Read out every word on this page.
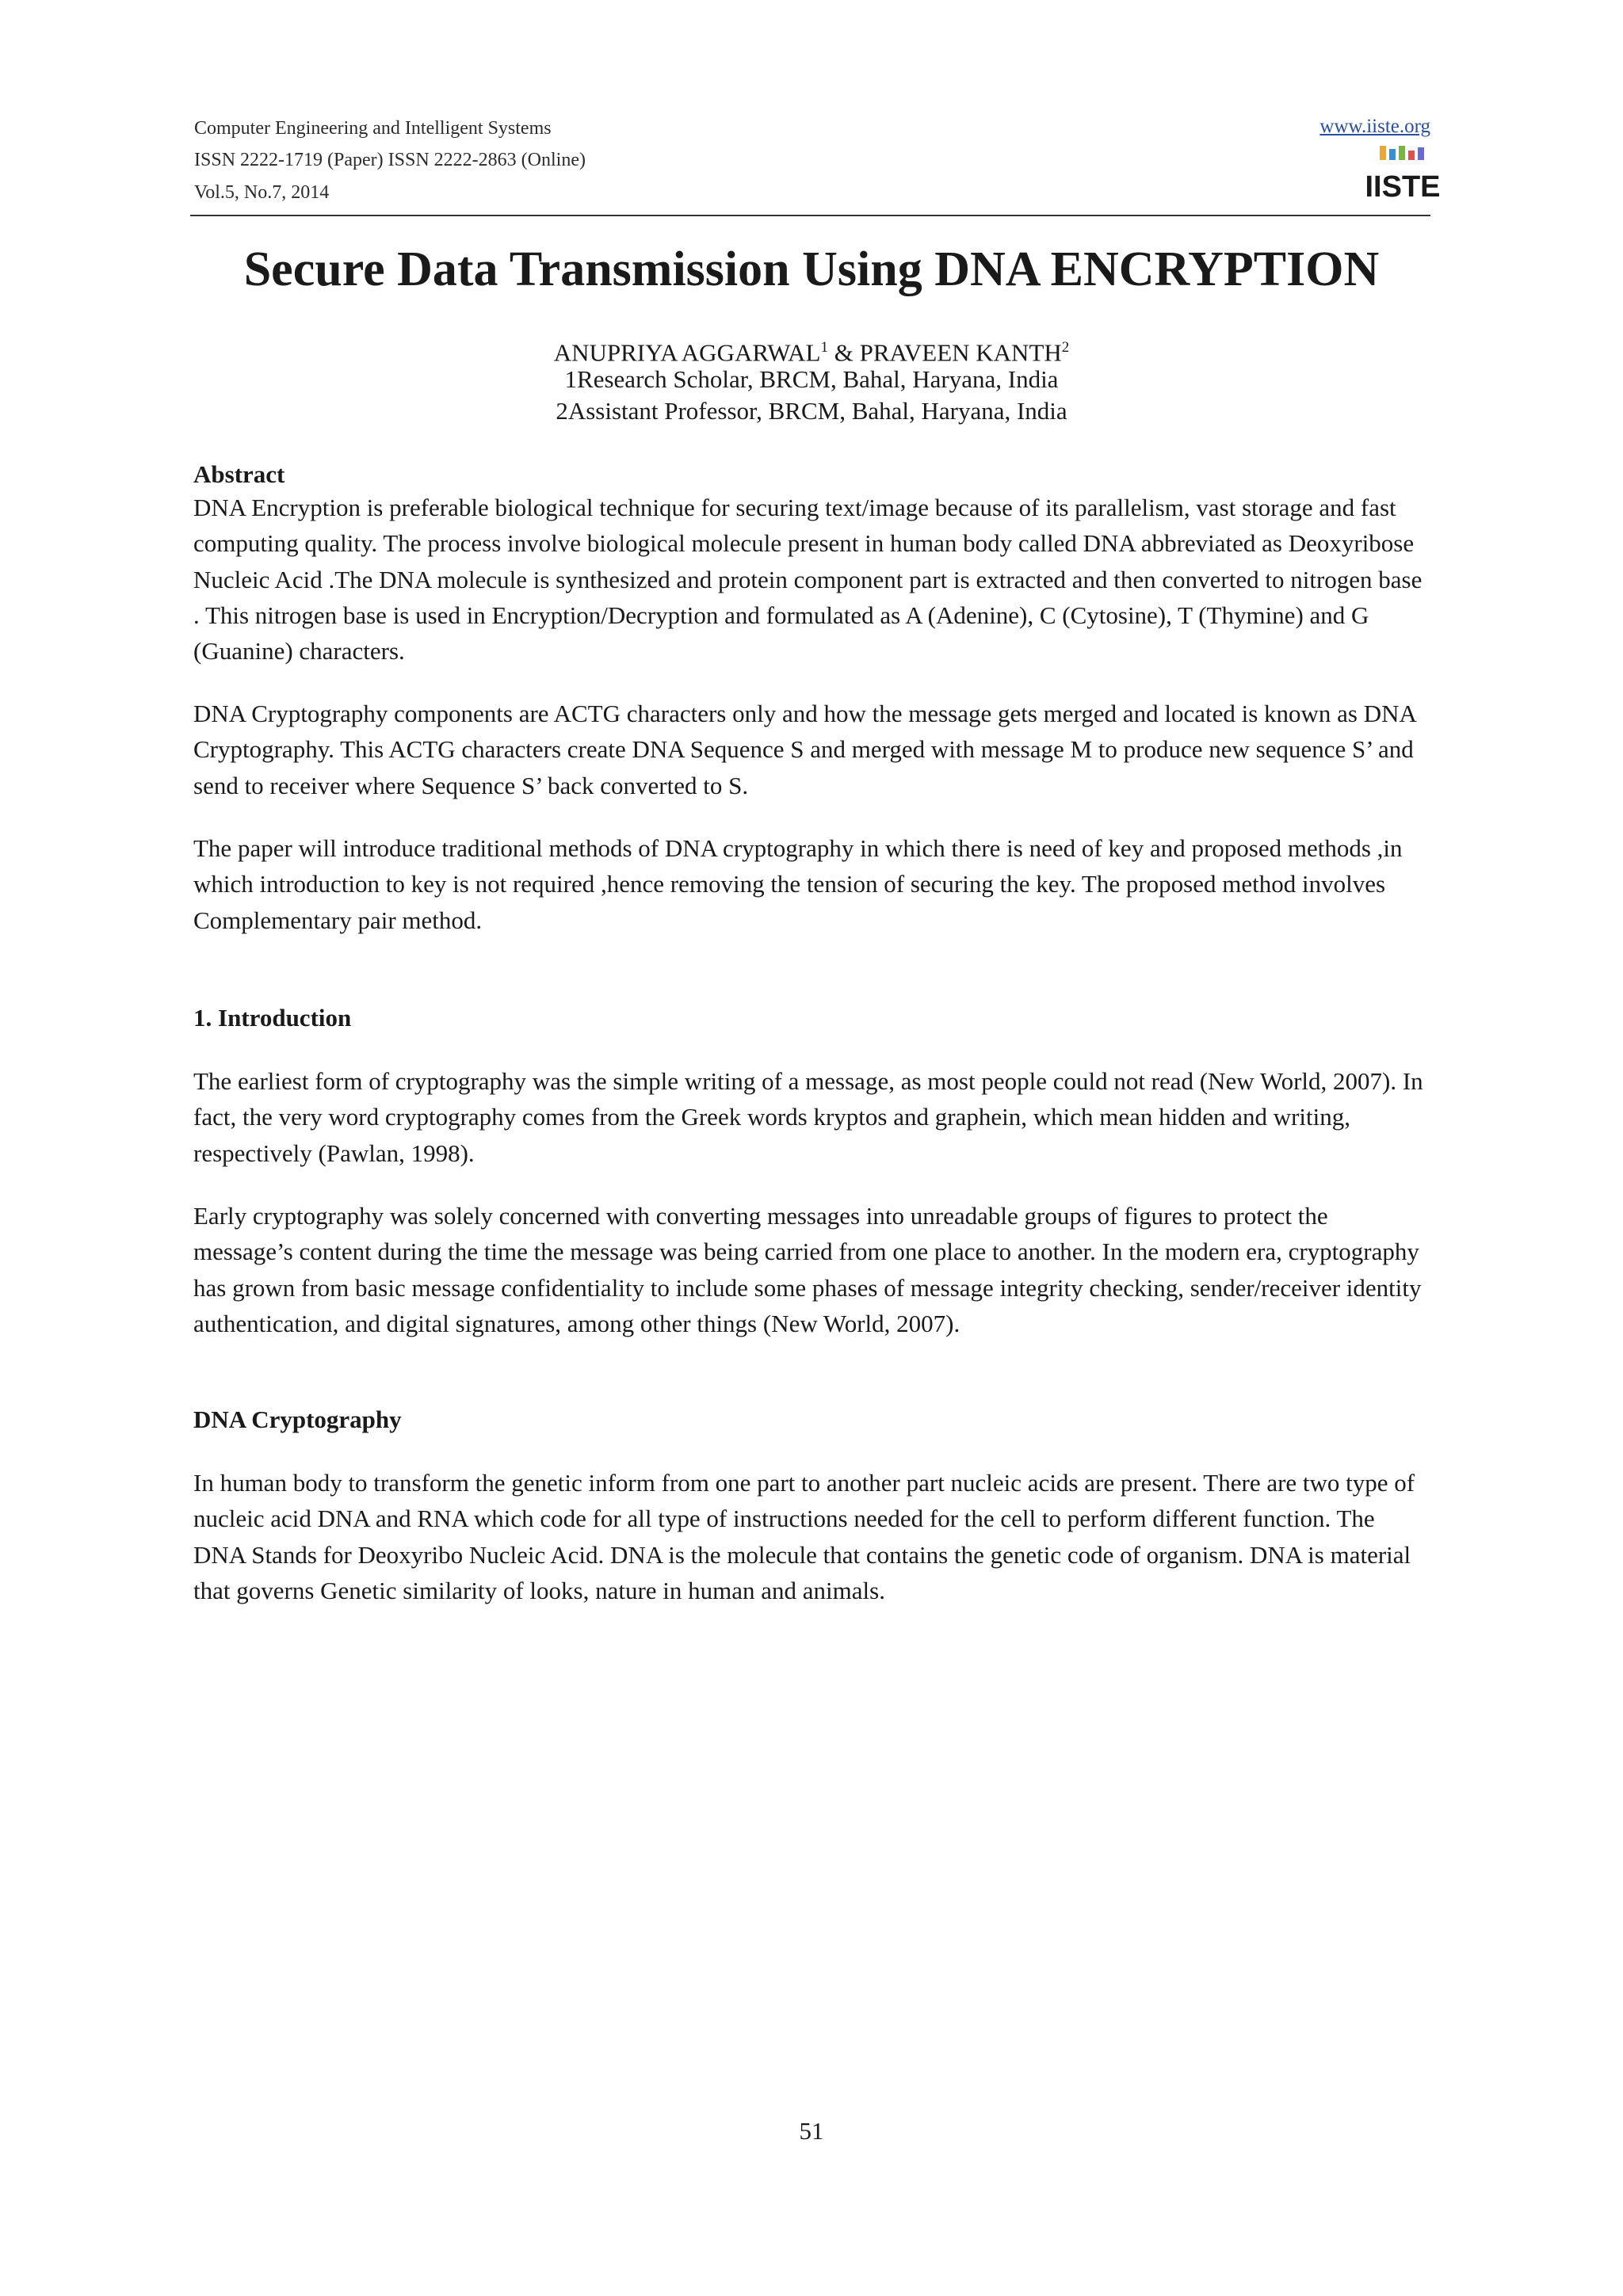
Computer Engineering and Intelligent Systems
ISSN 2222-1719 (Paper) ISSN 2222-2863 (Online)
Vol.5, No.7, 2014
www.iiste.org
IISTE
Secure Data Transmission Using DNA ENCRYPTION
ANUPRIYA AGGARWAL$^1$ & PRAVEEN KANTH$^2$
1Research Scholar, BRCM, Bahal, Haryana, India
2Assistant Professor, BRCM, Bahal, Haryana, India
Abstract

DNA Encryption is preferable biological technique for securing text/image because of its parallelism, vast storage and fast computing quality. The process involve biological molecule present in human body called DNA abbreviated as Deoxyribose Nucleic Acid .The DNA molecule is synthesized and protein component part is extracted and then converted to nitrogen base . This nitrogen base is used in Encryption/Decryption and formulated as A (Adenine), C (Cytosine), T (Thymine) and G (Guanine) characters.

DNA Cryptography components are ACTG characters only and how the message gets merged and located is known as DNA Cryptography. This ACTG characters create DNA Sequence S and merged with message M to produce new sequence S’ and send to receiver where Sequence S’ back converted to S.

The paper will introduce traditional methods of DNA cryptography in which there is need of key and proposed methods ,in which introduction to key is not required ,hence removing the tension of securing the key. The proposed method involves Complementary pair method.

1. Introduction

The earliest form of cryptography was the simple writing of a message, as most people could not read (New World, 2007). In fact, the very word cryptography comes from the Greek words kryptos and graphein, which mean hidden and writing, respectively (Pawlan, 1998).

Early cryptography was solely concerned with converting messages into unreadable groups of figures to protect the message’s content during the time the message was being carried from one place to another. In the modern era, cryptography has grown from basic message confidentiality to include some phases of message integrity checking, sender/receiver identity authentication, and digital signatures, among other things (New World, 2007).

DNA Cryptography

In human body to transform the genetic inform from one part to another part nucleic acids are present. There are two type of nucleic acid DNA and RNA which code for all type of instructions needed for the cell to perform different function. The DNA Stands for Deoxyribo Nucleic Acid. DNA is the molecule that contains the genetic code of organism. DNA is material that governs Genetic similarity of looks, nature in human and animals.

51
